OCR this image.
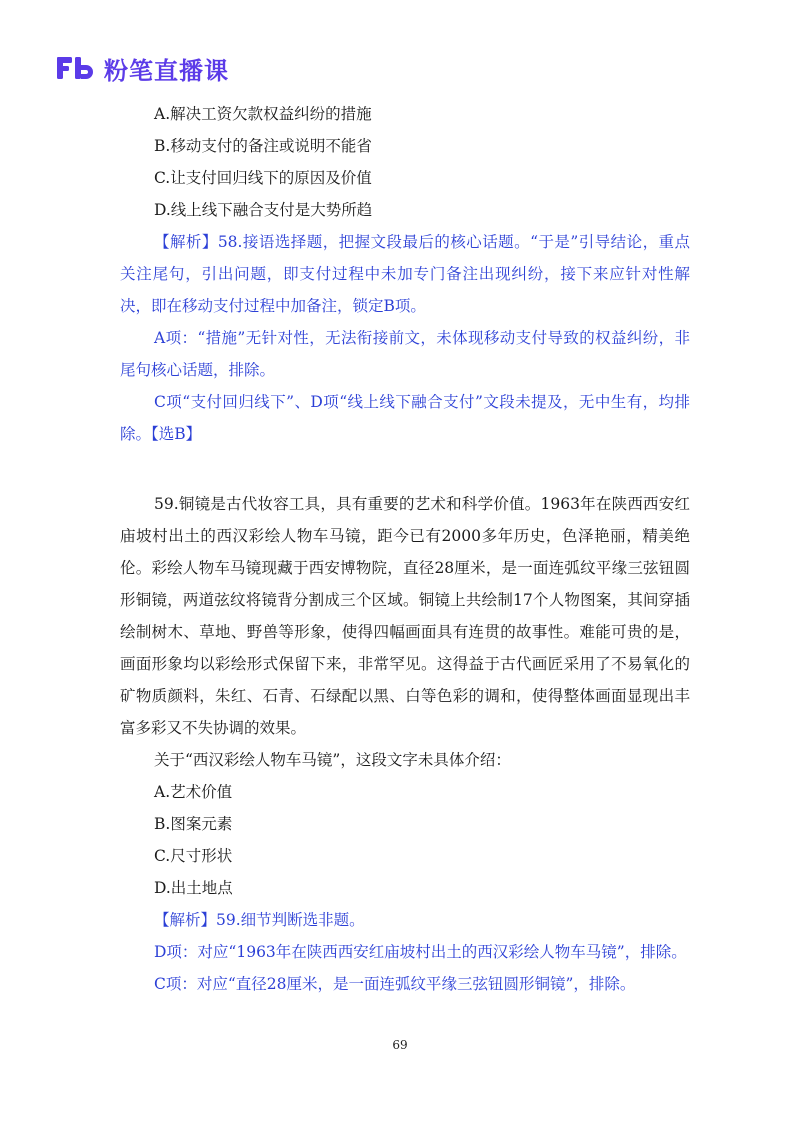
粉笔直播课

A.解决工资欠款权益纠纷的措施

B.移动支付的备注或说明不能省

C.让支付回归线下的原因及价值

D.线上线下融合支付是大势所趋

【解析】58.接语选择题，把握文段最后的核心话题。“于是”引导结论，重点关注尾句，引出问题，即支付过程中未加专门备注出现纠纷，接下来应针对性解决，即在移动支付过程中加备注，锁定B项。

A项：“措施”无针对性，无法衔接前文，未体现移动支付导致的权益纠纷，非尾句核心话题，排除。

C项“支付回归线下”、D项“线上线下融合支付”文段未提及，无中生有，均排除。【选B】

59.铜镜是古代妆容工具，具有重要的艺术和科学价值。1963年在陕西西安红庙坡村出土的西汉彩绘人物车马镜，距今已有2000多年历史，色泽艳丽，精美绝伦。彩绘人物车马镜现藏于西安博物院，直径28厘米，是一面连弧纹平缘三弦钮圆形铜镜，两道弦纹将镜背分割成三个区域。铜镜上共绘制17个人物图案，其间穿插绘制树木、草地、野兽等形象，使得四幅画面具有连贯的故事性。难能可贵的是，画面形象均以彩绘形式保留下来，非常罕见。这得益于古代画匠采用了不易氧化的矿物质颜料，朱红、石青、石绿配以黑、白等色彩的调和，使得整体画面显现出丰富多彩又不失协调的效果。

关于“西汉彩绘人物车马镜”，这段文字未具体介绍：

A.艺术价值

B.图案元素

C.尺寸形状

D.出土地点

【解析】59.细节判断选非题。

D项：对应“1963年在陕西西安红庙坡村出土的西汉彩绘人物车马镜”，排除。

C项：对应“直径28厘米，是一面连弧纹平缘三弦钮圆形铜镜”，排除。

69
